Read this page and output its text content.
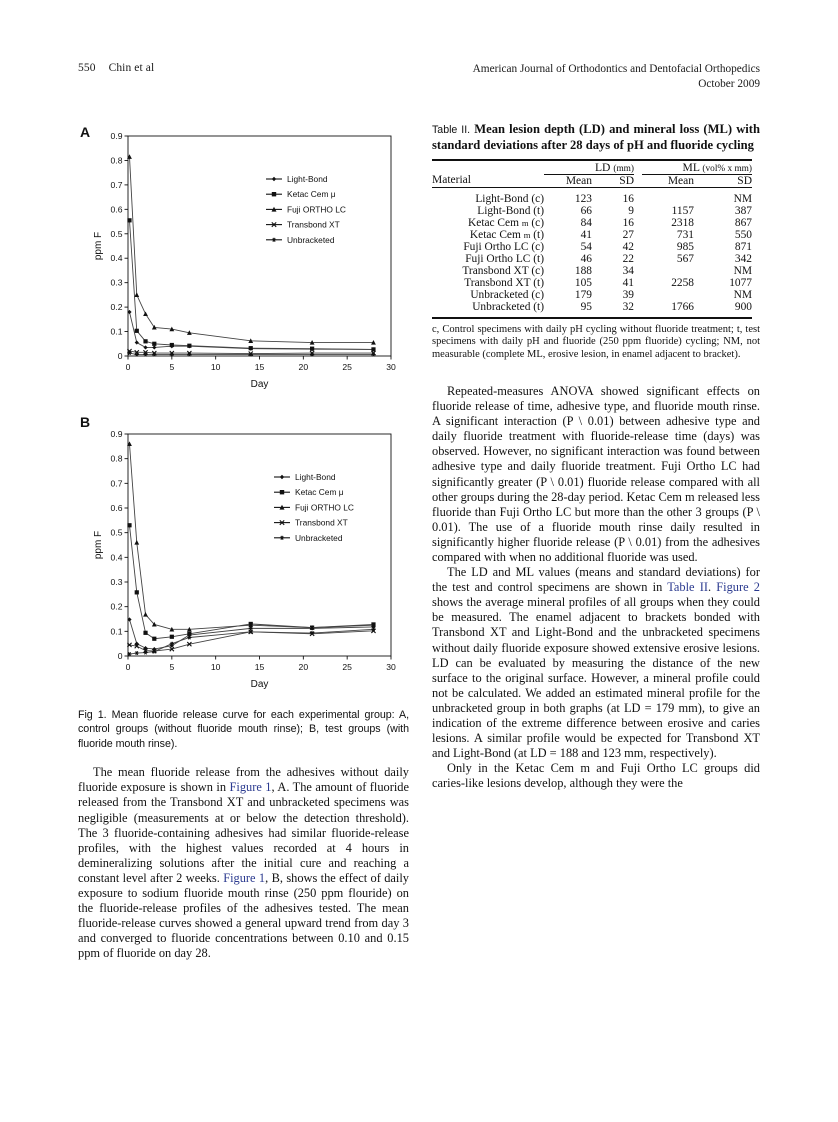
550 Chin et al	American Journal of Orthodontics and Dentofacial Orthopedics
October 2009
A
0
0.1
0.2
0.3
0.4
0.5
0.6
0.7
0.8
0.9
0	5	10	15	20	25	30
Day
ppm F
Light-Bond
Ketac Cem μ
Fuji ORTHO LC
Transbond XT
Unbracketed
B
0
0.1
0.2
0.3
0.4
0.5
0.6
0.7
0.8
0.9
0	5	10	15	20	25	30
Day
ppm F
Light-Bond
Ketac Cem μ
Fuji ORTHO LC
Transbond XT
Unbracketed
Fig 1. Mean fluoride release curve for each experimental group: A, control groups (without fluoride mouth rinse); B, test groups (with fluoride mouth rinse).

The mean fluoride release from the adhesives without daily fluoride exposure is shown in Figure 1, A. The amount of fluoride released from the Transbond XT and unbracketed specimens was negligible (measurements at or below the detection threshold). The 3 fluoride-containing adhesives had similar fluoride-release profiles, with the highest values recorded at 4 hours in demineralizing solutions after the initial cure and reaching a constant level after 2 weeks. Figure 1, B, shows the effect of daily exposure to sodium fluoride mouth rinse (250 ppm flouride) on the fluoride-release profiles of the adhesives tested. The mean fluoride-release curves showed a general upward trend from day 3 and converged to fluoride concentrations between 0.10 and 0.15 ppm of fluoride on day 28.

Table II. Mean lesion depth (LD) and mineral loss (ML) with standard deviations after 28 days of pH and fluoride cycling
	LD (mm)			ML (vol% x mm)	
Material	Mean	SD		Mean	SD
Light-Bond (c)	123	16		NM	
Light-Bond (t)	66	9		1157	387
Ketac Cem m (c)	84	16		2318	867
Ketac Cem m (t)	41	27		731	550
Fuji Ortho LC (c)	54	42		985	871
Fuji Ortho LC (t)	46	22		567	342
Transbond XT (c)	188	34		NM	
Transbond XT (t)	105	41		2258	1077
Unbracketed (c)	179	39		NM	
Unbracketed (t)	95	32		1766	900
c, Control specimens with daily pH cycling without fluoride treatment; t, test specimens with daily pH and fluoride (250 ppm fluoride) cycling; NM, not measurable (complete ML, erosive lesion, in enamel adjacent to bracket).

Repeated-measures ANOVA showed significant effects on fluoride release of time, adhesive type, and fluoride mouth rinse. A significant interaction (P \ 0.01) between adhesive type and daily fluoride treatment with fluoride-release time (days) was observed. However, no significant interaction was found between adhesive type and daily fluoride treatment. Fuji Ortho LC had significantly greater (P \ 0.01) fluoride release compared with all other groups during the 28-day period. Ketac Cem m released less fluoride than Fuji Ortho LC but more than the other 3 groups (P \ 0.01). The use of a fluoride mouth rinse daily resulted in significantly higher fluoride release (P \ 0.01) from the adhesives compared with when no additional fluoride was used.

The LD and ML values (means and standard deviations) for the test and control specimens are shown in Table II. Figure 2 shows the average mineral profiles of all groups when they could be measured. The enamel adjacent to brackets bonded with Transbond XT and Light-Bond and the unbracketed specimens without daily fluoride exposure showed extensive erosive lesions. LD can be evaluated by measuring the distance of the new surface to the original surface. However, a mineral profile could not be calculated. We added an estimated mineral profile for the unbracketed group in both graphs (at LD = 179 mm), to give an indication of the extreme difference between erosive and caries lesions. A similar profile would be expected for Transbond XT and Light-Bond (at LD = 188 and 123 mm, respectively).

Only in the Ketac Cem m and Fuji Ortho LC groups did caries-like lesions develop, although they were the
